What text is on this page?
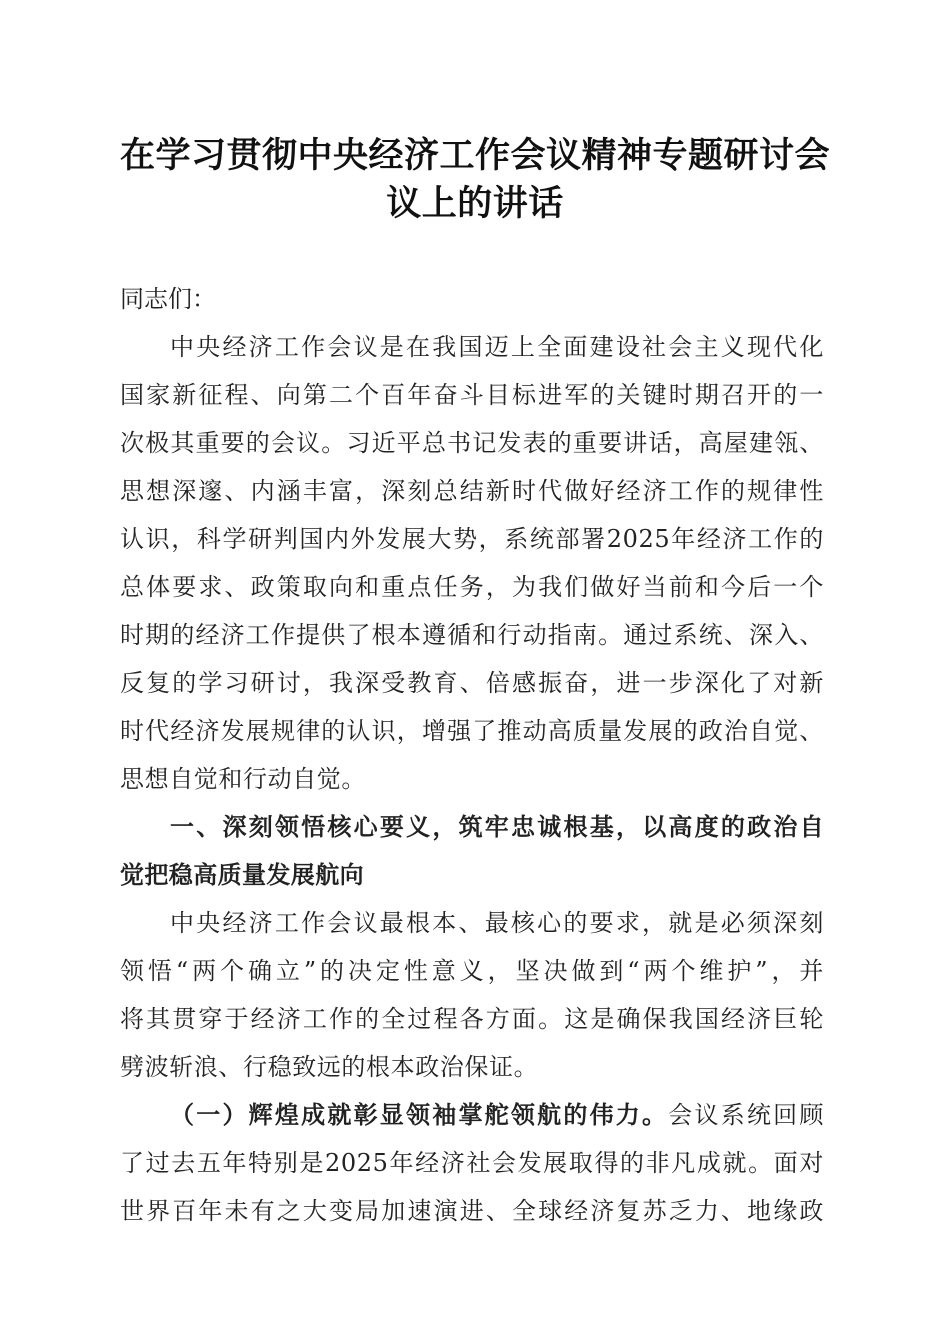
在学习贯彻中央经济工作会议精神专题研讨会
议上的讲话
同志们：
中央经济工作会议是在我国迈上全面建设社会主义现代化
国家新征程、向第二个百年奋斗目标进军的关键时期召开的一
次极其重要的会议。习近平总书记发表的重要讲话，高屋建瓴、
思想深邃、内涵丰富，深刻总结新时代做好经济工作的规律性
认识，科学研判国内外发展大势，系统部署2025年经济工作的
总体要求、政策取向和重点任务，为我们做好当前和今后一个
时期的经济工作提供了根本遵循和行动指南。通过系统、深入、
反复的学习研讨，我深受教育、倍感振奋，进一步深化了对新
时代经济发展规律的认识，增强了推动高质量发展的政治自觉、
思想自觉和行动自觉。
一、深刻领悟核心要义，筑牢忠诚根基，以高度的政治自
觉把稳高质量发展航向
中央经济工作会议最根本、最核心的要求，就是必须深刻
领悟“两个确立”的决定性意义，坚决做到“两个维护”，并
将其贯穿于经济工作的全过程各方面。这是确保我国经济巨轮
劈波斩浪、行稳致远的根本政治保证。
（一）辉煌成就彰显领袖掌舵领航的伟力。会议系统回顾
了过去五年特别是2025年经济社会发展取得的非凡成就。面对
世界百年未有之大变局加速演进、全球经济复苏乏力、地缘政
